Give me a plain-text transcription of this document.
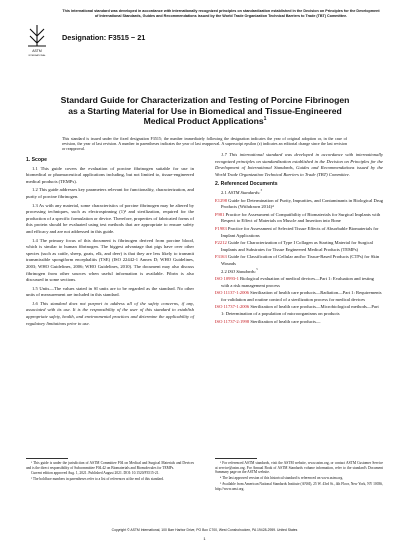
ASTM
INTERNATIONAL
This international standard was developed in accordance with internationally recognized principles on standardization established in the Decision on Principles for the Development of International Standards, Guides and Recommendations issued by the World Trade Organization Technical Barriers to Trade (TBT) Committee.
Designation: F3515 − 21
Standard Guide for Characterization and Testing of Porcine Fibrinogen as a Starting Material for Use in Biomedical and Tissue-Engineered Medical Product Applications$^1$
This standard is issued under the fixed designation F3515; the number immediately following the designation indicates the year of original adoption or, in the case of revision, the year of last revision. A number in parentheses indicates the year of last reapproval. A superscript epsilon (ε) indicates an editorial change since the last revision or reapproval.
1. Scope

1.1 This guide covers the evaluation of porcine fibrinogen suitable for use in biomedical or pharmaceutical applications including, but not limited to, tissue-engineered medical products (TEMPs).

1.2 This guide addresses key parameters relevant for functionality, characterization, and purity of porcine fibrinogen.

1.3 As with any material, some characteristics of porcine fibrinogen may be altered by processing techniques, such as electrospinning (1)² and sterilization, required for the production of a specific formulation or device. Therefore, properties of fabricated forms of this protein should be evaluated using test methods that are appropriate to ensure safety and efficacy and are not addressed in this guide.

1.4 The primary focus of this document is fibrinogen derived from porcine blood, which is similar to human fibrinogen. The biggest advantage that pigs have over other species (such as cattle, sheep, goats, elk, and deer) is that they are less likely to transmit transmissible spongiform encephalitis (TSE) (ISO 22442-1 Annex D; WHO Guidelines, 2003; WHO Guidelines, 2006; WHO Guidelines, 2010). The document may also discuss fibrinogen from other sources when useful information is available. Fibrin is also discussed in some sections.

1.5 Units—The values stated in SI units are to be regarded as the standard. No other units of measurement are included in this standard.

1.6 This standard does not purport to address all of the safety concerns, if any, associated with its use. It is the responsibility of the user of this standard to establish appropriate safety, health, and environmental practices and determine the applicability of regulatory limitations prior to use.

1.7 This international standard was developed in accordance with internationally recognized principles on standardization established in the Decision on Principles for the Development of International Standards, Guides and Recommendations issued by the World Trade Organization Technical Barriers to Trade (TBT) Committee.

2. Referenced Documents
2.1 ASTM Standards:$^3$
E1298 Guide for Determination of Purity, Impurities, and Contaminants in Biological Drug Products (Withdrawn 2014)⁴
F981 Practice for Assessment of Compatibility of Biomaterials for Surgical Implants with Respect to Effect of Materials on Muscle and Insertion into Bone
F1983 Practice for Assessment of Selected Tissue Effects of Absorbable Biomaterials for Implant Applications
F2212 Guide for Characterization of Type I Collagen as Starting Material for Surgical Implants and Substrates for Tissue Engineered Medical Products (TEMPs)
F3163 Guide for Classification of Cellular and/or Tissue-Based Products (CTPs) for Skin Wounds
2.2 ISO Standards:$^5$
ISO 10993-1 Biological evaluation of medical devices—Part 1: Evaluation and testing with a risk management process
ISO 11137-1:2006 Sterilization of health care products—Radiation—Part 1: Requirements for validation and routine control of a sterilization process for medical devices
ISO 11737-1:2006 Sterilization of health care products—Microbiological methods—Part 1: Determination of a population of microorganisms on products
ISO 11737-2:1998 Sterilization of health care products—

¹ This guide is under the jurisdiction of ASTM Committee F04 on Medical and Surgical Materials and Devices and is the direct responsibility of Subcommittee F04.42 on Biomaterials and Biomolecules for TEMPs.

Current edition approved Aug. 1, 2021. Published August 2021. DOI: 10.1520/F3515-21.

² The boldface numbers in parentheses refer to a list of references at the end of this standard.

³ For referenced ASTM standards, visit the ASTM website, www.astm.org, or contact ASTM Customer Service at service@astm.org. For Annual Book of ASTM Standards volume information, refer to the standard's Document Summary page on the ASTM website.

⁴ The last approved version of this historical standard is referenced on www.astm.org.

⁵ Available from American National Standards Institute (ANSI), 25 W. 43rd St., 4th Floor, New York, NY 10036, http://www.ansi.org.

Copyright © ASTM International, 100 Barr Harbor Drive, PO Box C700, West Conshohocken, PA 19428-2959. United States
1
